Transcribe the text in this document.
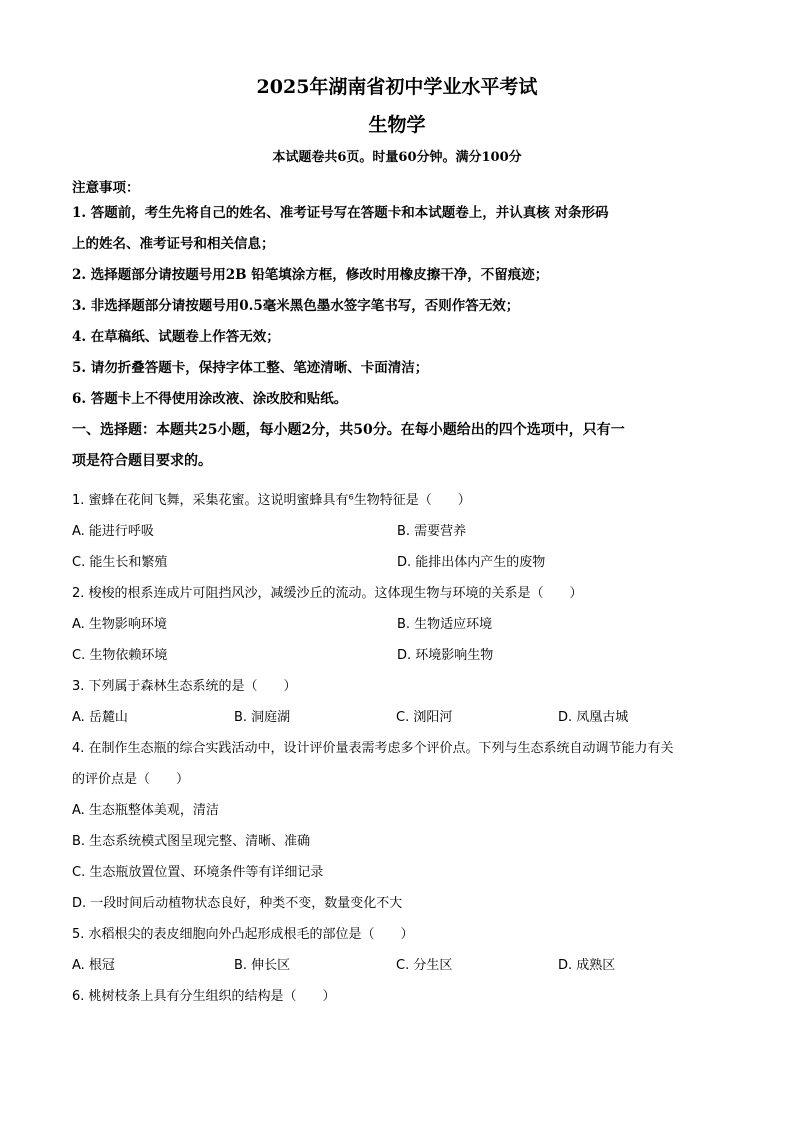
2025年湖南省初中学业水平考试
生物学
本试题卷共6页。时量60分钟。满分100分
注意事项：

1. 答题前，考生先将自己的姓名、准考证号写在答题卡和本试题卷上，并认真核 对条形码

上的姓名、准考证号和相关信息；

2. 选择题部分请按题号用2B 铅笔填涂方框，修改时用橡皮擦干净，不留痕迹；

3. 非选择题部分请按题号用0.5毫米黑色墨水签字笔书写，否则作答无效；

4. 在草稿纸、试题卷上作答无效；

5. 请勿折叠答题卡，保持字体工整、笔迹清晰、卡面清洁；

6. 答题卡上不得使用涂改液、涂改胶和贴纸。

一、选择题：本题共25小题，每小题2分，共50分。在每小题给出的四个选项中，只有一

项是符合题目要求的。

1. 蜜蜂在花间飞舞，采集花蜜。这说明蜜蜂具有⁶生物特征是（　　）

A. 能进行呼吸	B. 需要营养
C. 能生长和繁殖	D. 能排出体内产生的废物

2. 梭梭的根系连成片可阻挡风沙，减缓沙丘的流动。这体现生物与环境的关系是（　　）

A. 生物影响环境	B. 生物适应环境
C. 生物依赖环境	D. 环境影响生物

3. 下列属于森林生态系统的是（　　）

A. 岳麓山	B. 洞庭湖	C. 浏阳河	D. 凤凰古城

4. 在制作生态瓶的综合实践活动中，设计评价量表需考虑多个评价点。下列与生态系统自动调节能力有关

的评价点是（　　）

A. 生态瓶整体美观，清洁
B. 生态系统模式图呈现完整、清晰、准确
C. 生态瓶放置位置、环境条件等有详细记录
D. 一段时间后动植物状态良好，种类不变，数量变化不大

5. 水稻根尖的表皮细胞向外凸起形成根毛的部位是（　　）

A. 根冠	B. 伸长区	C. 分生区	D. 成熟区

6. 桃树枝条上具有分生组织的结构是（　　）
